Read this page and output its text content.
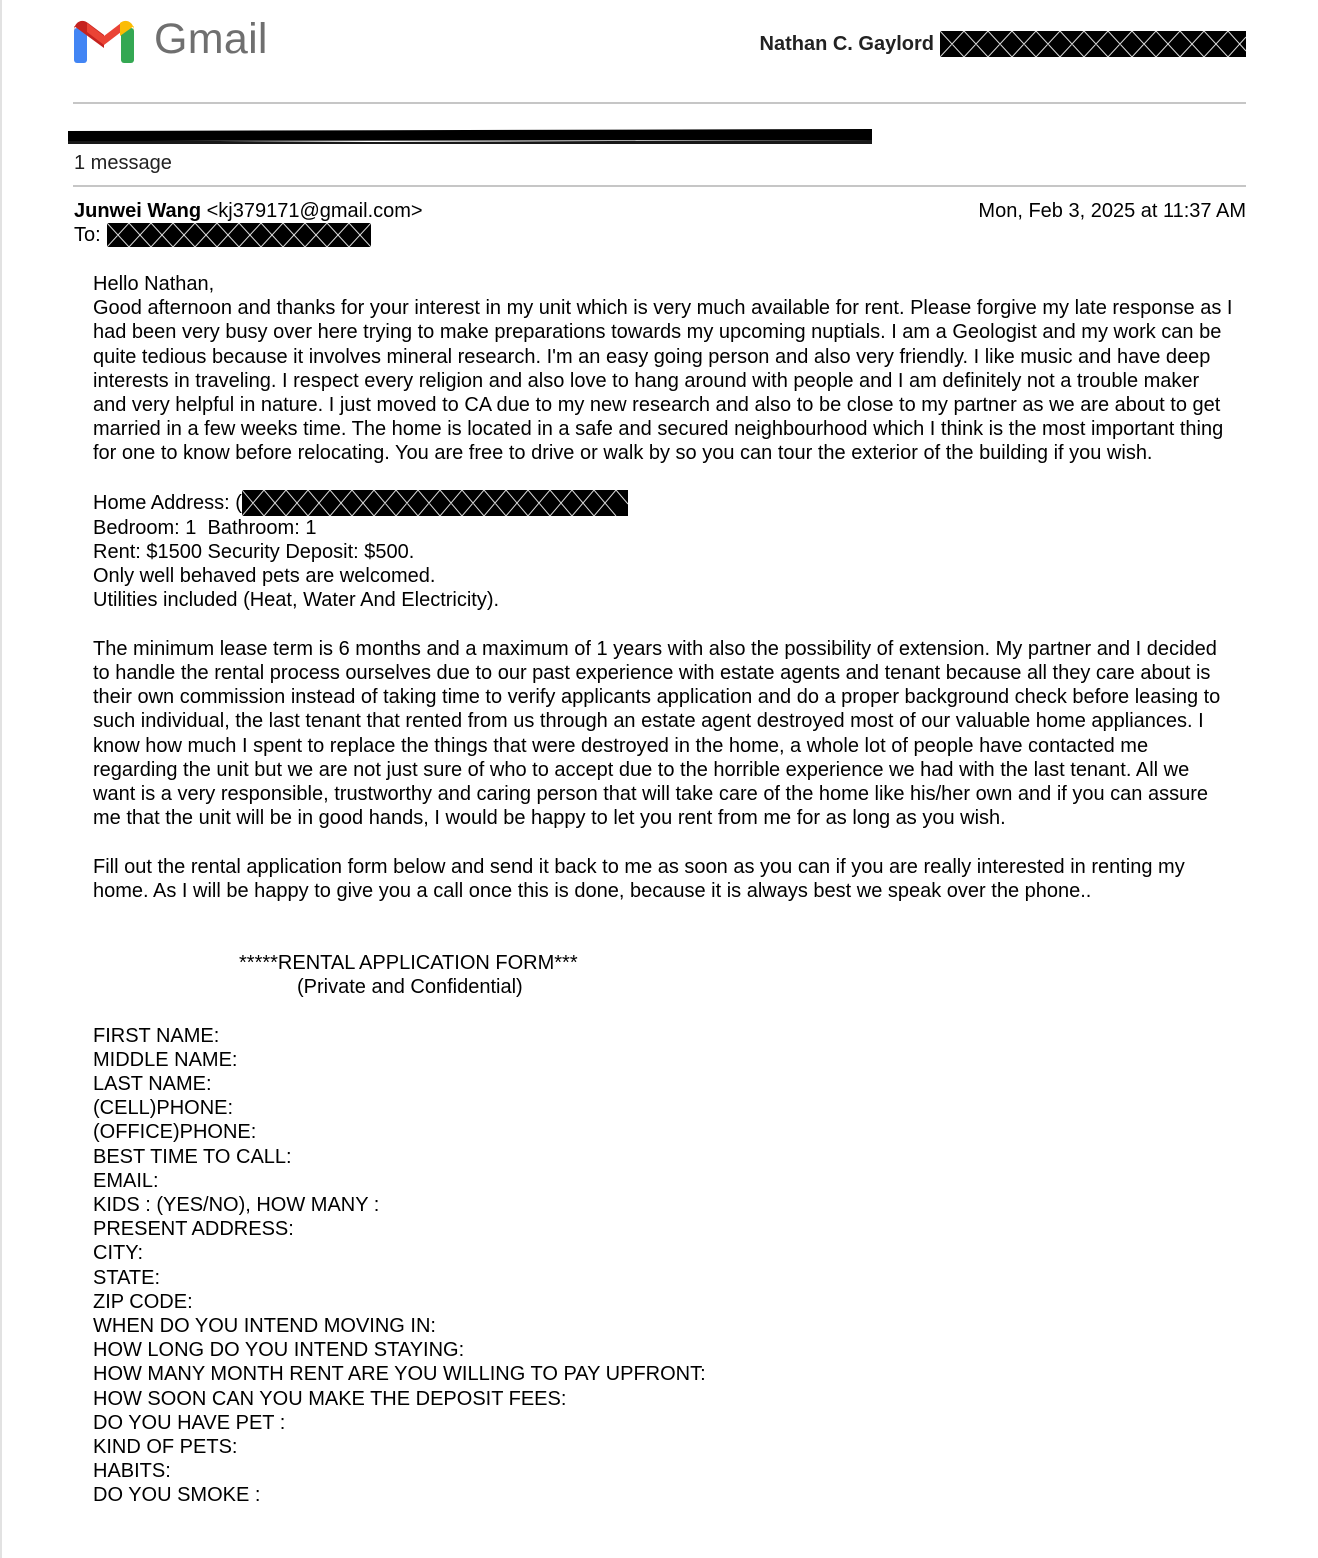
Gmail	Nathan C. Gaylord
1 message
Junwei Wang <kj379171@gmail.com>	Mon, Feb 3, 2025 at 11:37 AM
To:

Hello Nathan,

Good afternoon and thanks for your interest in my unit which is very much available for rent. Please forgive my late response as I had been very busy over here trying to make preparations towards my upcoming nuptials. I am a Geologist and my work can be quite tedious because it involves mineral research. I'm an easy going person and also very friendly. I like music and have deep interests in traveling. I respect every religion and also love to hang around with people and I am definitely not a trouble maker and very helpful in nature. I just moved to CA due to my new research and also to be close to my partner as we are about to get married in a few weeks time. The home is located in a safe and secured neighbourhood which I think is the most important thing for one to know before relocating. You are free to drive or walk by so you can tour the exterior of the building if you wish.

Home Address: (

Bedroom: 1  Bathroom: 1

Rent: $1500 Security Deposit: $500.

Only well behaved pets are welcomed.

Utilities included (Heat, Water And Electricity).

The minimum lease term is 6 months and a maximum of 1 years with also the possibility of extension. My partner and I decided to handle the rental process ourselves due to our past experience with estate agents and tenant because all they care about is their own commission instead of taking time to verify applicants application and do a proper background check before leasing to such individual, the last tenant that rented from us through an estate agent destroyed most of our valuable home appliances. I know how much I spent to replace the things that were destroyed in the home, a whole lot of people have contacted me regarding the unit but we are not just sure of who to accept due to the horrible experience we had with the last tenant. All we want is a very responsible, trustworthy and caring person that will take care of the home like his/her own and if you can assure me that the unit will be in good hands, I would be happy to let you rent from me for as long as you wish.

Fill out the rental application form below and send it back to me as soon as you can if you are really interested in renting my home. As I will be happy to give you a call once this is done, because it is always best we speak over the phone..

*****RENTAL APPLICATION FORM***

(Private and Confidential)

FIRST NAME:

MIDDLE NAME:

LAST NAME:

(CELL)PHONE:

(OFFICE)PHONE:

BEST TIME TO CALL:

EMAIL:

KIDS : (YES/NO), HOW MANY :

PRESENT ADDRESS:

CITY:

STATE:

ZIP CODE:

WHEN DO YOU INTEND MOVING IN:

HOW LONG DO YOU INTEND STAYING:

HOW MANY MONTH RENT ARE YOU WILLING TO PAY UPFRONT:

HOW SOON CAN YOU MAKE THE DEPOSIT FEES:

DO YOU HAVE PET :

KIND OF PETS:

HABITS:

DO YOU SMOKE :
